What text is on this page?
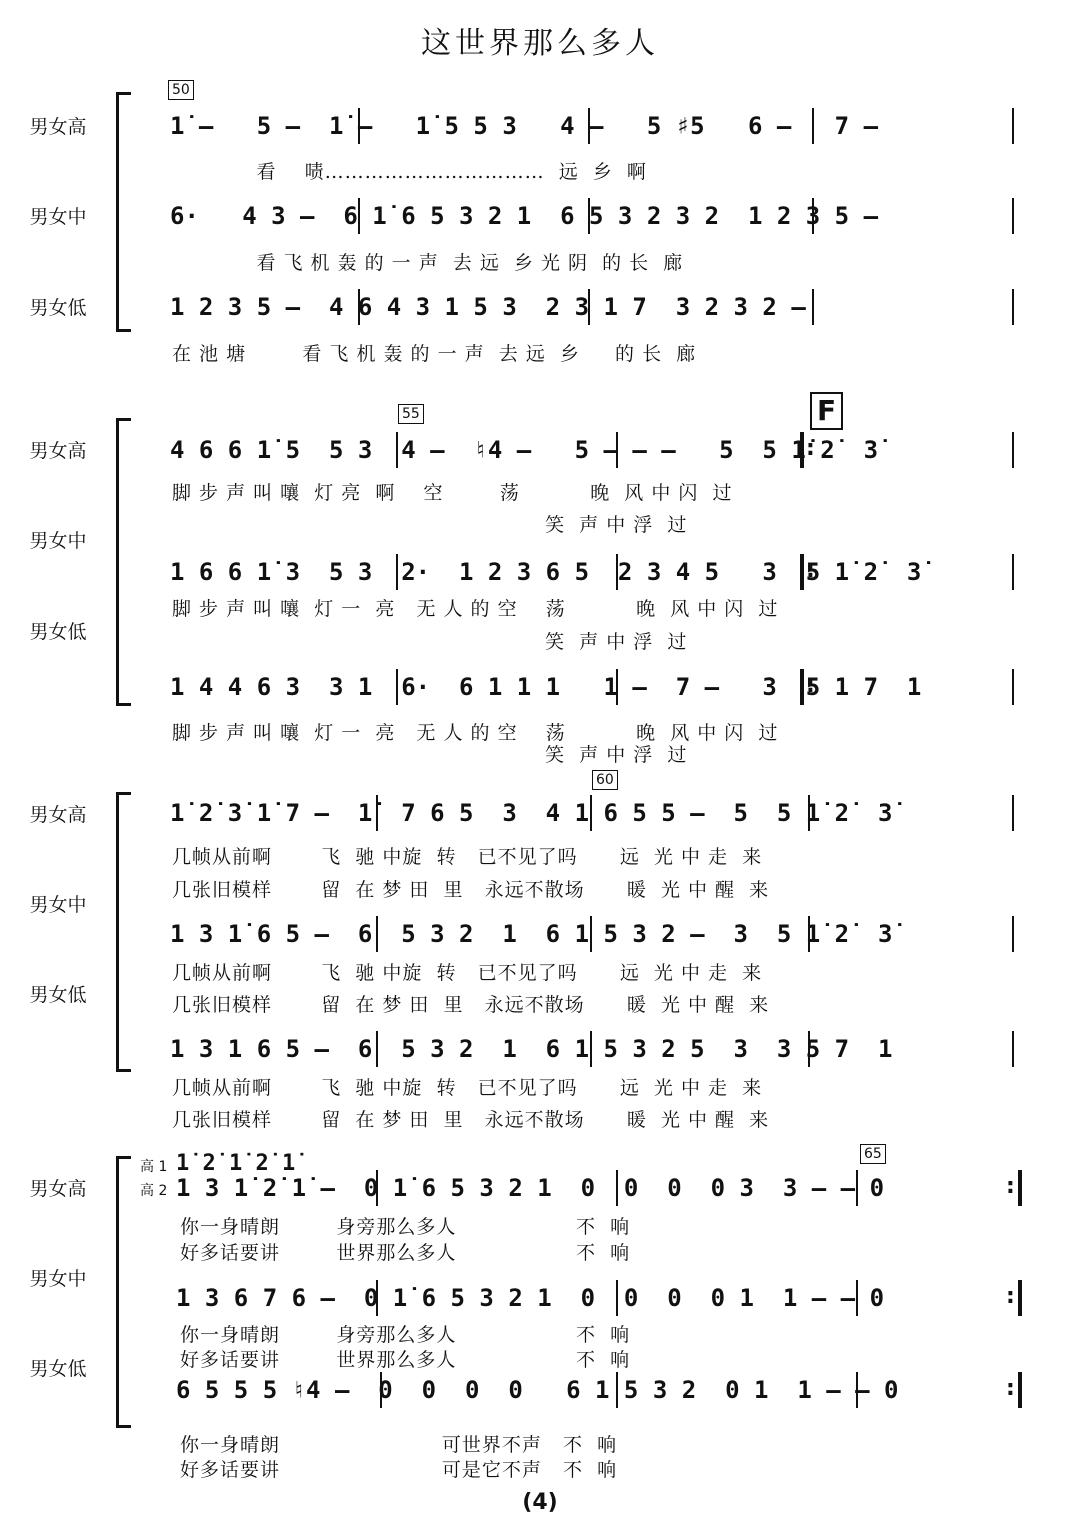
这世界那么多人
50
男女高	1̇ –   5 –  1̇ –   1̇ 5 5 3   4 –   5 ♯5   6 –   7 –
看    啧……………………………  远  乡  啊
男女中	6·   4 3 –  6 1̇ 6 5 3 2 1  6 5 3 2 3 2  1 2 3 5 –
看 飞 机 轰 的 一 声  去 远  乡 光 阴  的 长  廊
男女低	1 2 3 5 –  4 6 4 3 1 5 3  2 3 1 7  3 2 3 2 –
在 池 塘        看 飞 机 轰 的 一 声  去 远  乡     的 长  廊
55	F
男女高	4 6 6 1̇ 5  5 3  4 –  ♮4 –   5 – – –   5  5 1̇ 2̇  3̇
:
脚 步 声 叫 嚷  灯 亮  啊    空        荡          晚  风 中 闪  过
笑  声 中 浮  过
男女中
1 6 6 1̇ 3  5 3  2·  1 2 3 6 5  2 3 4 5   3  5 1̇ 2̇  3̇
:
脚 步 声 叫 嚷  灯 一  亮   无 人 的 空    荡          晚  风 中 闪  过
笑  声 中 浮  过
男女低
1 4 4 6 3  3 1  6·  6 1 1 1   1 –  7 –   3  5 1 7  1
:
脚 步 声 叫 嚷  灯 一  亮   无 人 的 空    荡          晚  风 中 闪  过
笑  声 中 浮  过
60
男女高	1̇ 2̇ 3̇ 1̇ 7 –  1̇  7 6 5  3  4 1 6 5 5 –  5  5 1̇ 2̇  3̇
几帧从前啊       飞  驰 中旋  转   已不见了吗      远  光 中 走  来
几张旧模样       留  在 梦 田  里   永远不散场      暖  光 中 醒  来
男女中
1 3 1̇ 6 5 –  6  5 3 2  1  6 1 5 3 2 –  3  5 1̇ 2̇  3̇
几帧从前啊       飞  驰 中旋  转   已不见了吗      远  光 中 走  来
几张旧模样       留  在 梦 田  里   永远不散场      暖  光 中 醒  来
男女低
1 3 1 6 5 –  6  5 3 2  1  6 1 5 3 2 5  3  3 5 7  1
几帧从前啊       飞  驰 中旋  转   已不见了吗      远  光 中 走  来
几张旧模样       留  在 梦 田  里   永远不散场      暖  光 中 醒  来
65
男女高
高 1
高 2
1̇ 2̇ 1̇ 2̇ 1̇
1 3 1̇ 2̇ 1̇ –  0 1̇ 6 5 3 2 1  0  0  0  0 3  3 – – 0
:
你一身晴朗        身旁那么多人                 不  响
好多话要讲        世界那么多人                 不  响
男女中
1 3 6 7 6 –  0 1̇ 6 5 3 2 1  0  0  0  0 1  1 – – 0
:
你一身晴朗        身旁那么多人                 不  响
好多话要讲        世界那么多人                 不  响
男女低
6 5 5 5 ♮4 –  0  0  0  0   6 1 5 3 2  0 1  1 – – 0
:
你一身晴朗                       可世界不声   不  响
好多话要讲                       可是它不声   不  响
(4)
